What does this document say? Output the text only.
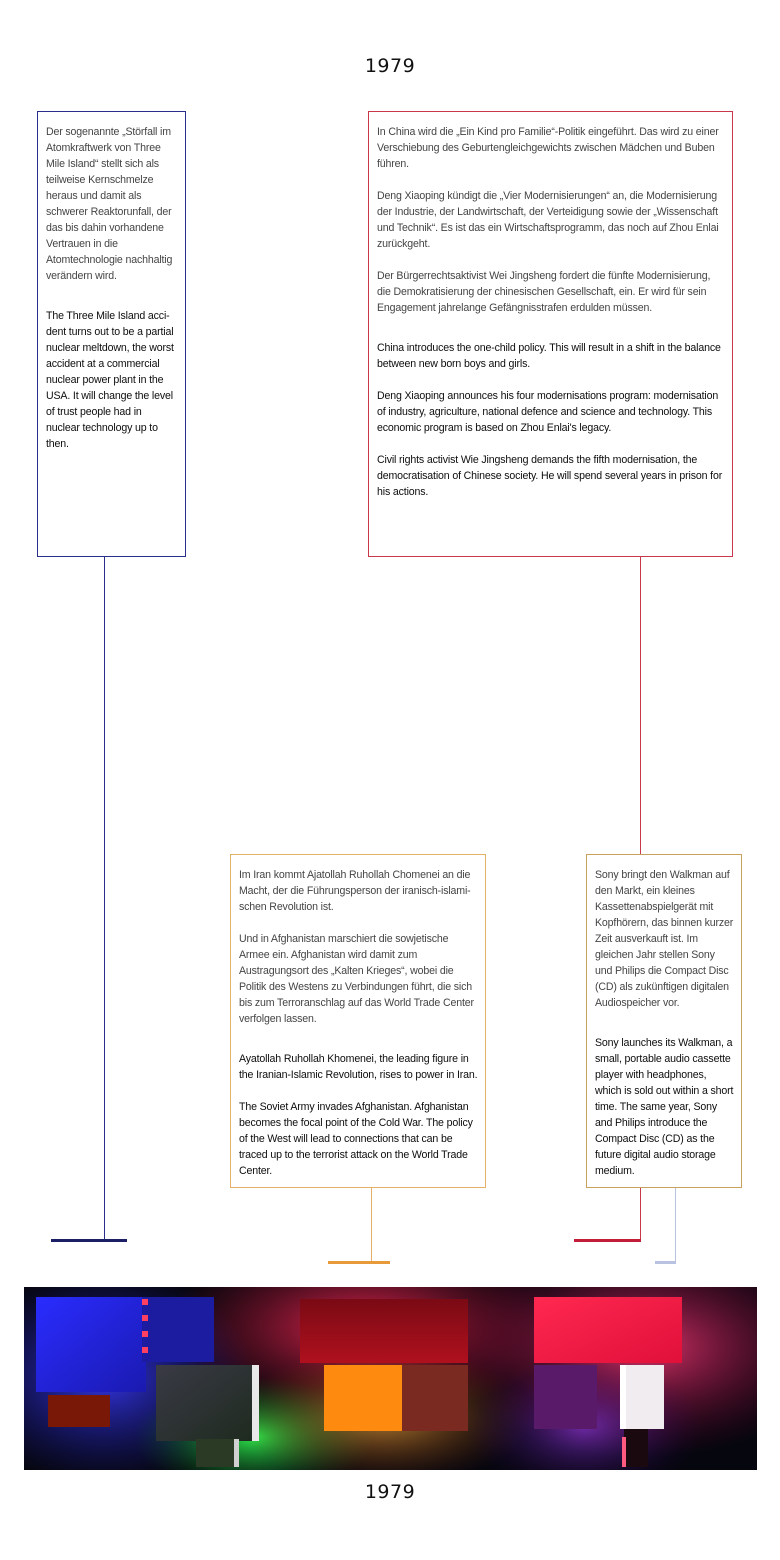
1979

Der sogenannte „Störfall im Atomkraftwerk von Three Mile Island“ stellt sich als teilweise Kernschmelze heraus und damit als schwerer Reaktorunfall, der das bis dahin vorhandene Vertrauen in die Atomtechnologie nachhaltig verändern wird.

The Three Mile Island accident turns out to be a partial nuclear meltdown, the worst accident at a commercial nuclear power plant in the USA. It will change the level of trust people had in nuclear technology up to then.

In China wird die „Ein Kind pro Familie“-Politik eingeführt. Das wird zu einer Verschiebung des Geburtengleichgewichts zwischen Mädchen und Buben führen.

Deng Xiaoping kündigt die „Vier Modernisierungen“ an, die Modernisierung der Industrie, der Landwirtschaft, der Verteidigung sowie der „Wissenschaft und Technik“. Es ist das ein Wirtschaftsprogramm, das noch auf Zhou Enlai zurückgeht.

Der Bürgerrechtsaktivist Wei Jingsheng fordert die fünfte Modernisierung, die Demokratisierung der chinesischen Gesellschaft, ein. Er wird für sein Engagement jahrelange Gefängnisstrafen erdulden müssen.

China introduces the one-child policy. This will result in a shift in the balance between new born boys and girls.

Deng Xiaoping announces his four modernisations program: modernisation of industry, agriculture, national defence and science and technology. This economic program is based on Zhou Enlai's legacy.

Civil rights activist Wie Jingsheng demands the fifth modernisation, the democratisation of Chinese society. He will spend several years in prison for his actions.

Im Iran kommt Ajatollah Ruhollah Chomenei an die Macht, der die Führungsperson der iranisch-islamischen Revolution ist.

Und in Afghanistan marschiert die sowjetische Armee ein. Afghanistan wird damit zum Austragungsort des „Kalten Krieges“, wobei die Politik des Westens zu Verbindungen führt, die sich bis zum Terroranschlag auf das World Trade Center verfolgen lassen.

Ayatollah Ruhollah Khomenei, the leading figure in the Iranian-Islamic Revolution, rises to power in Iran.

The Soviet Army invades Afghanistan. Afghanistan becomes the focal point of the Cold War. The policy of the West will lead to connections that can be traced up to the terrorist attack on the World Trade Center.

Sony bringt den Walkman auf den Markt, ein kleines Kassettenabspielgerät mit Kopfhörern, das binnen kurzer Zeit ausverkauft ist. Im gleichen Jahr stellen Sony und Philips die Compact Disc (CD) als zukünftigen digitalen Audiospeicher vor.

Sony launches its Walkman, a small, portable audio cassette player with headphones, which is sold out within a short time. The same year, Sony and Philips introduce the Compact Disc (CD) as the future digital audio storage medium.

1979
